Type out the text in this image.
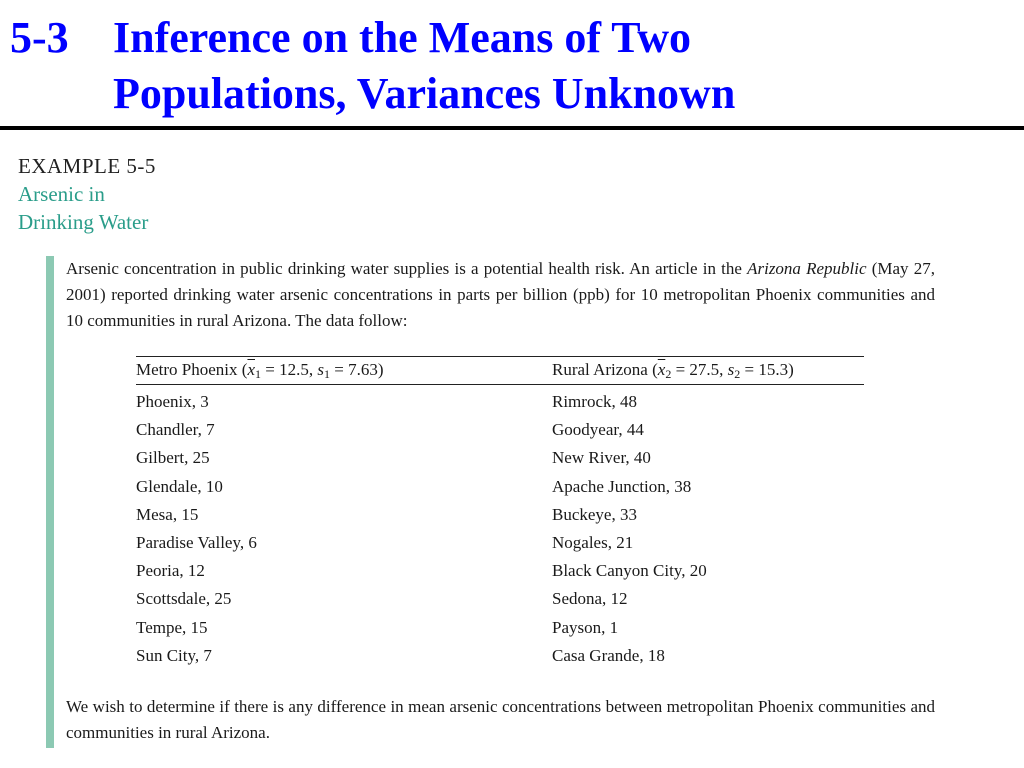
5-3 Inference on the Means of Two
Populations, Variances Unknown
EXAMPLE 5-5
Arsenic in
Drinking Water
Arsenic concentration in public drinking water supplies is a potential health risk. An article in the Arizona Republic (May 27, 2001) reported drinking water arsenic concentrations in parts per billion (ppb) for 10 metropolitan Phoenix communities and 10 communities in rural Arizona. The data follow:
Metro Phoenix ($\overline{x}_1 = 12.5$, $s_1 = 7.63$)	Rural Arizona ($\overline{x}_2 = 27.5$, $s_2 = 15.3$)
Phoenix, 3
Chandler, 7
Gilbert, 25
Glendale, 10
Mesa, 15
Paradise Valley, 6
Peoria, 12
Scottsdale, 25
Tempe, 15
Sun City, 7
Rimrock, 48
Goodyear, 44
New River, 40
Apache Junction, 38
Buckeye, 33
Nogales, 21
Black Canyon City, 20
Sedona, 12
Payson, 1
Casa Grande, 18
We wish to determine if there is any difference in mean arsenic concentrations between metropolitan Phoenix communities and communities in rural Arizona.
